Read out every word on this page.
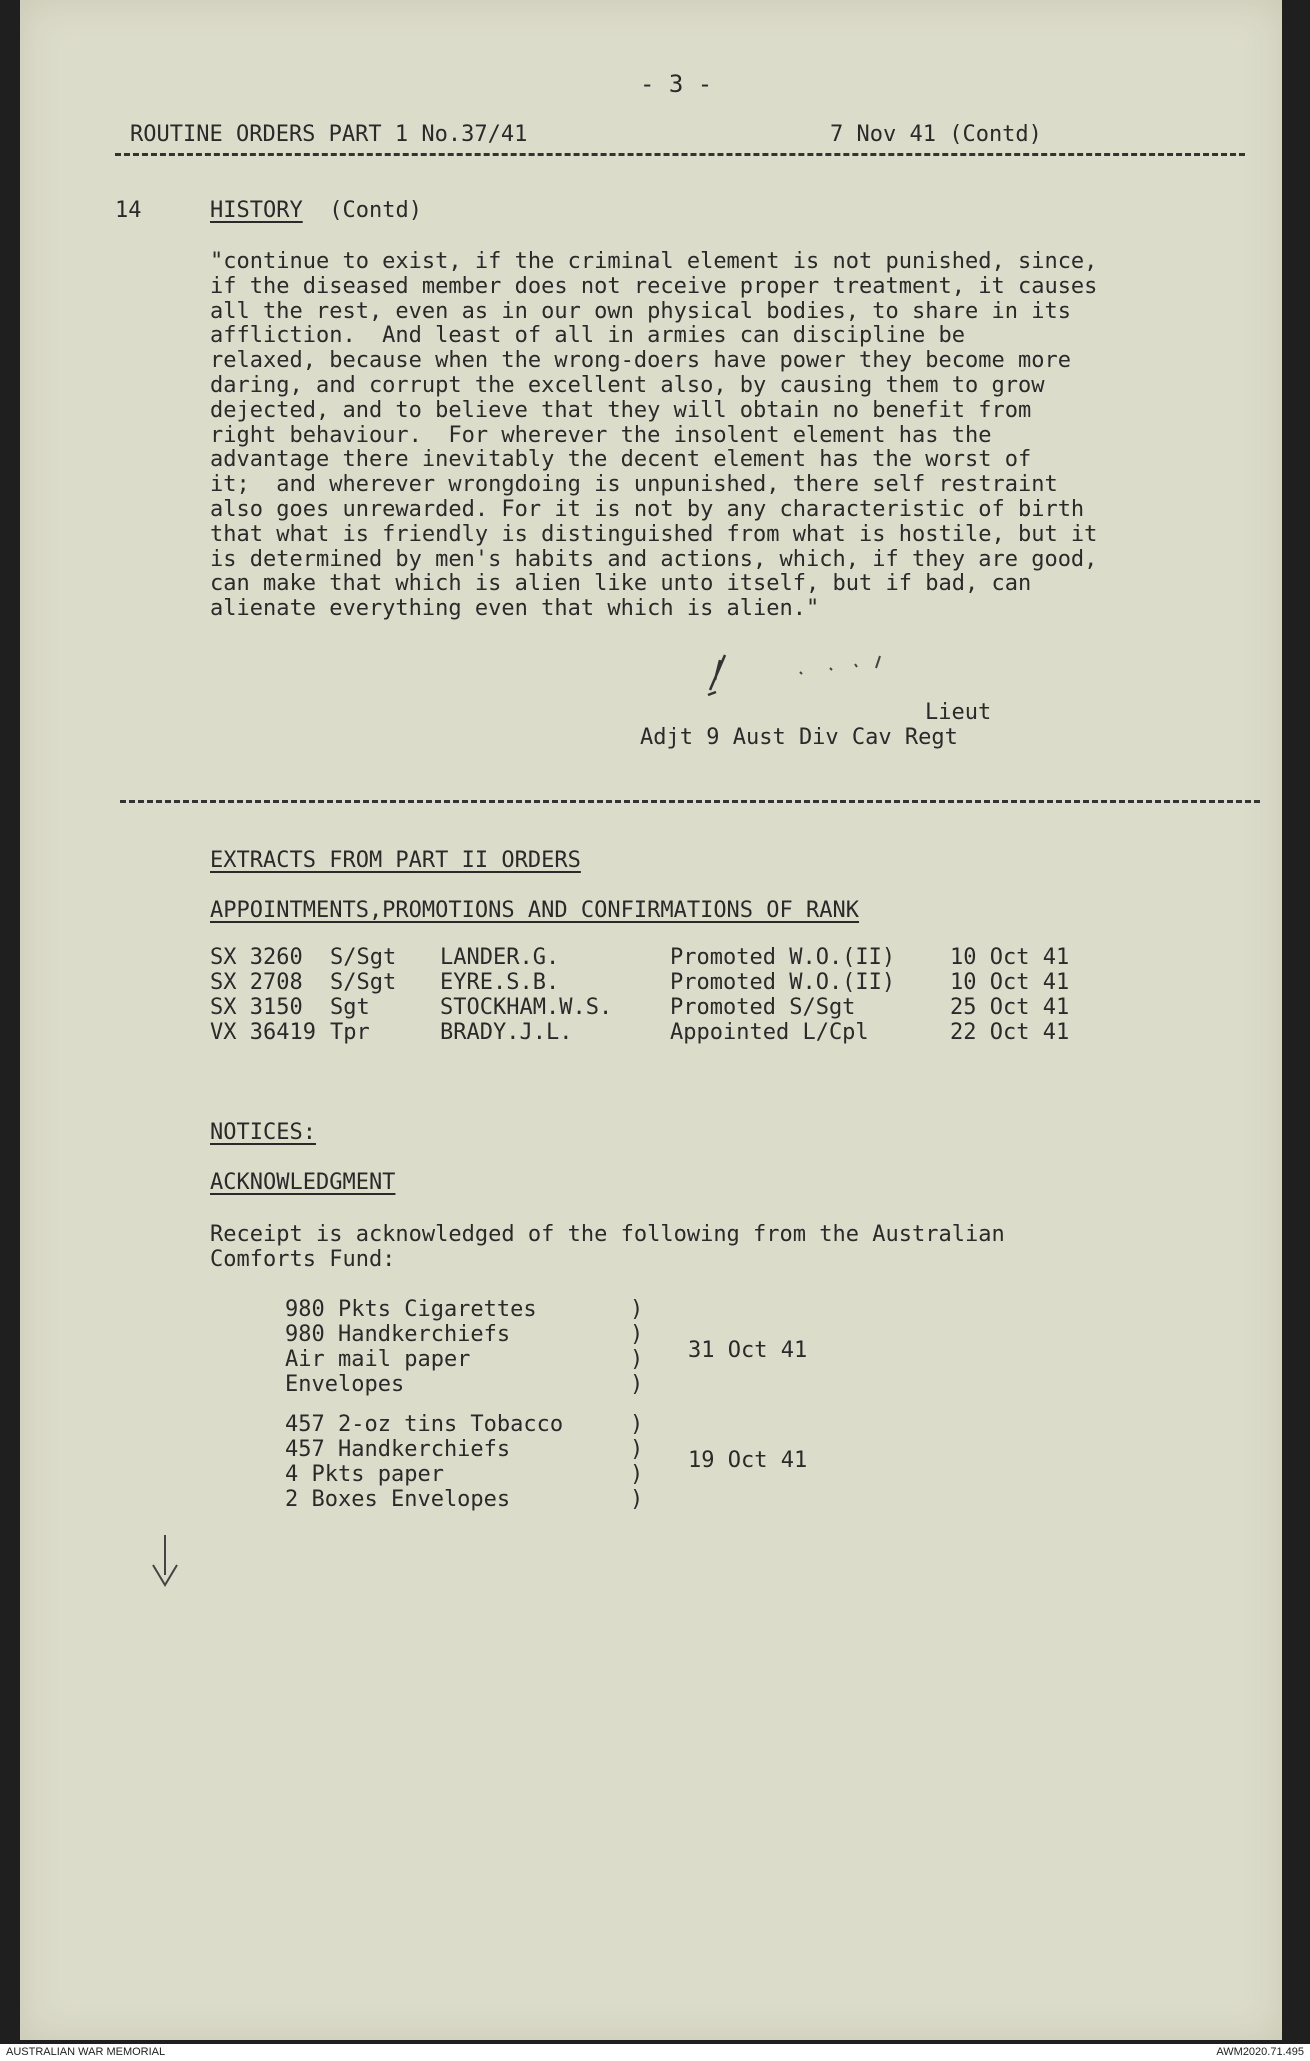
- 3 -
ROUTINE ORDERS PART 1 No.37/41	7 Nov 41 (Contd)
14	HISTORY (Contd)
"continue to exist, if the criminal element is not punished, since,
if the diseased member does not receive proper treatment, it causes
all the rest, even as in our own physical bodies, to share in its
affliction.  And least of all in armies can discipline be
relaxed, because when the wrong-doers have power they become more
daring, and corrupt the excellent also, by causing them to grow
dejected, and to believe that they will obtain no benefit from
right behaviour.  For wherever the insolent element has the
advantage there inevitably the decent element has the worst of
it;  and wherever wrongdoing is unpunished, there self restraint
also goes unrewarded. For it is not by any characteristic of birth
that what is friendly is distinguished from what is hostile, but it
is determined by men's habits and actions, which, if they are good,
can make that which is alien like unto itself, but if bad, can
alienate everything even that which is alien."
Lieut
Adjt 9 Aust Div Cav Regt
EXTRACTS FROM PART II ORDERS
APPOINTMENTS,PROMOTIONS AND CONFIRMATIONS OF RANK
SX 3260 S/Sgt LANDER.G.	Promoted W.O.(II) 10 Oct 41
SX 2708 S/Sgt EYRE.S.B.	Promoted W.O.(II) 10 Oct 41
SX 3150 Sgt	STOCKHAM.W.S.	Promoted S/Sgt	25 Oct 41
VX 36419 Tpr	BRADY.J.L.	Appointed L/Cpl	22 Oct 41
NOTICES:
ACKNOWLEDGMENT
Receipt is acknowledged of the following from the Australian
Comforts Fund:
980 Pkts Cigarettes
980 Handkerchiefs
Air mail paper
Envelopes
)
)
)
)
31 Oct 41
457 2-oz tins Tobacco
457 Handkerchiefs
4 Pkts paper
2 Boxes Envelopes
)
)
)
)
19 Oct 41
AUSTRALIAN WAR MEMORIAL	AWM2020.71.495
